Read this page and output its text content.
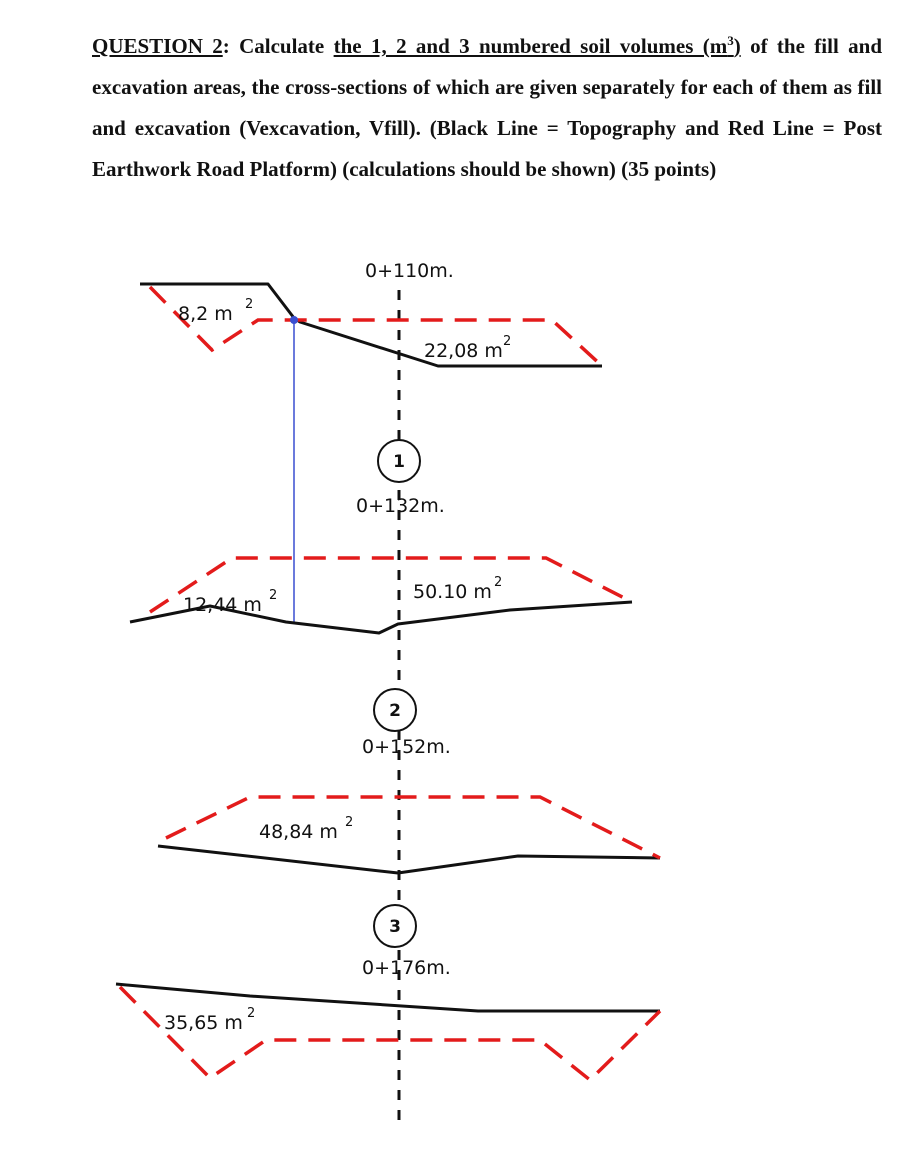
QUESTION 2: Calculate the 1, 2 and 3 numbered soil volumes $(m^3)$ of the fill and excavation areas, the cross-sections of which are given separately for each of them as fill and excavation (Vexcavation, Vfill). (Black Line = Topography and Red Line = Post Earthwork Road Platform) (calculations should be shown) (35 points)
0+110m.
8,2 m 2
22,08 m 2
1
0+132m.
12,44 m 2	50.10 m 2
2
0+152m.
48,84 m 2
3
0+176m.
35,65 m 2
